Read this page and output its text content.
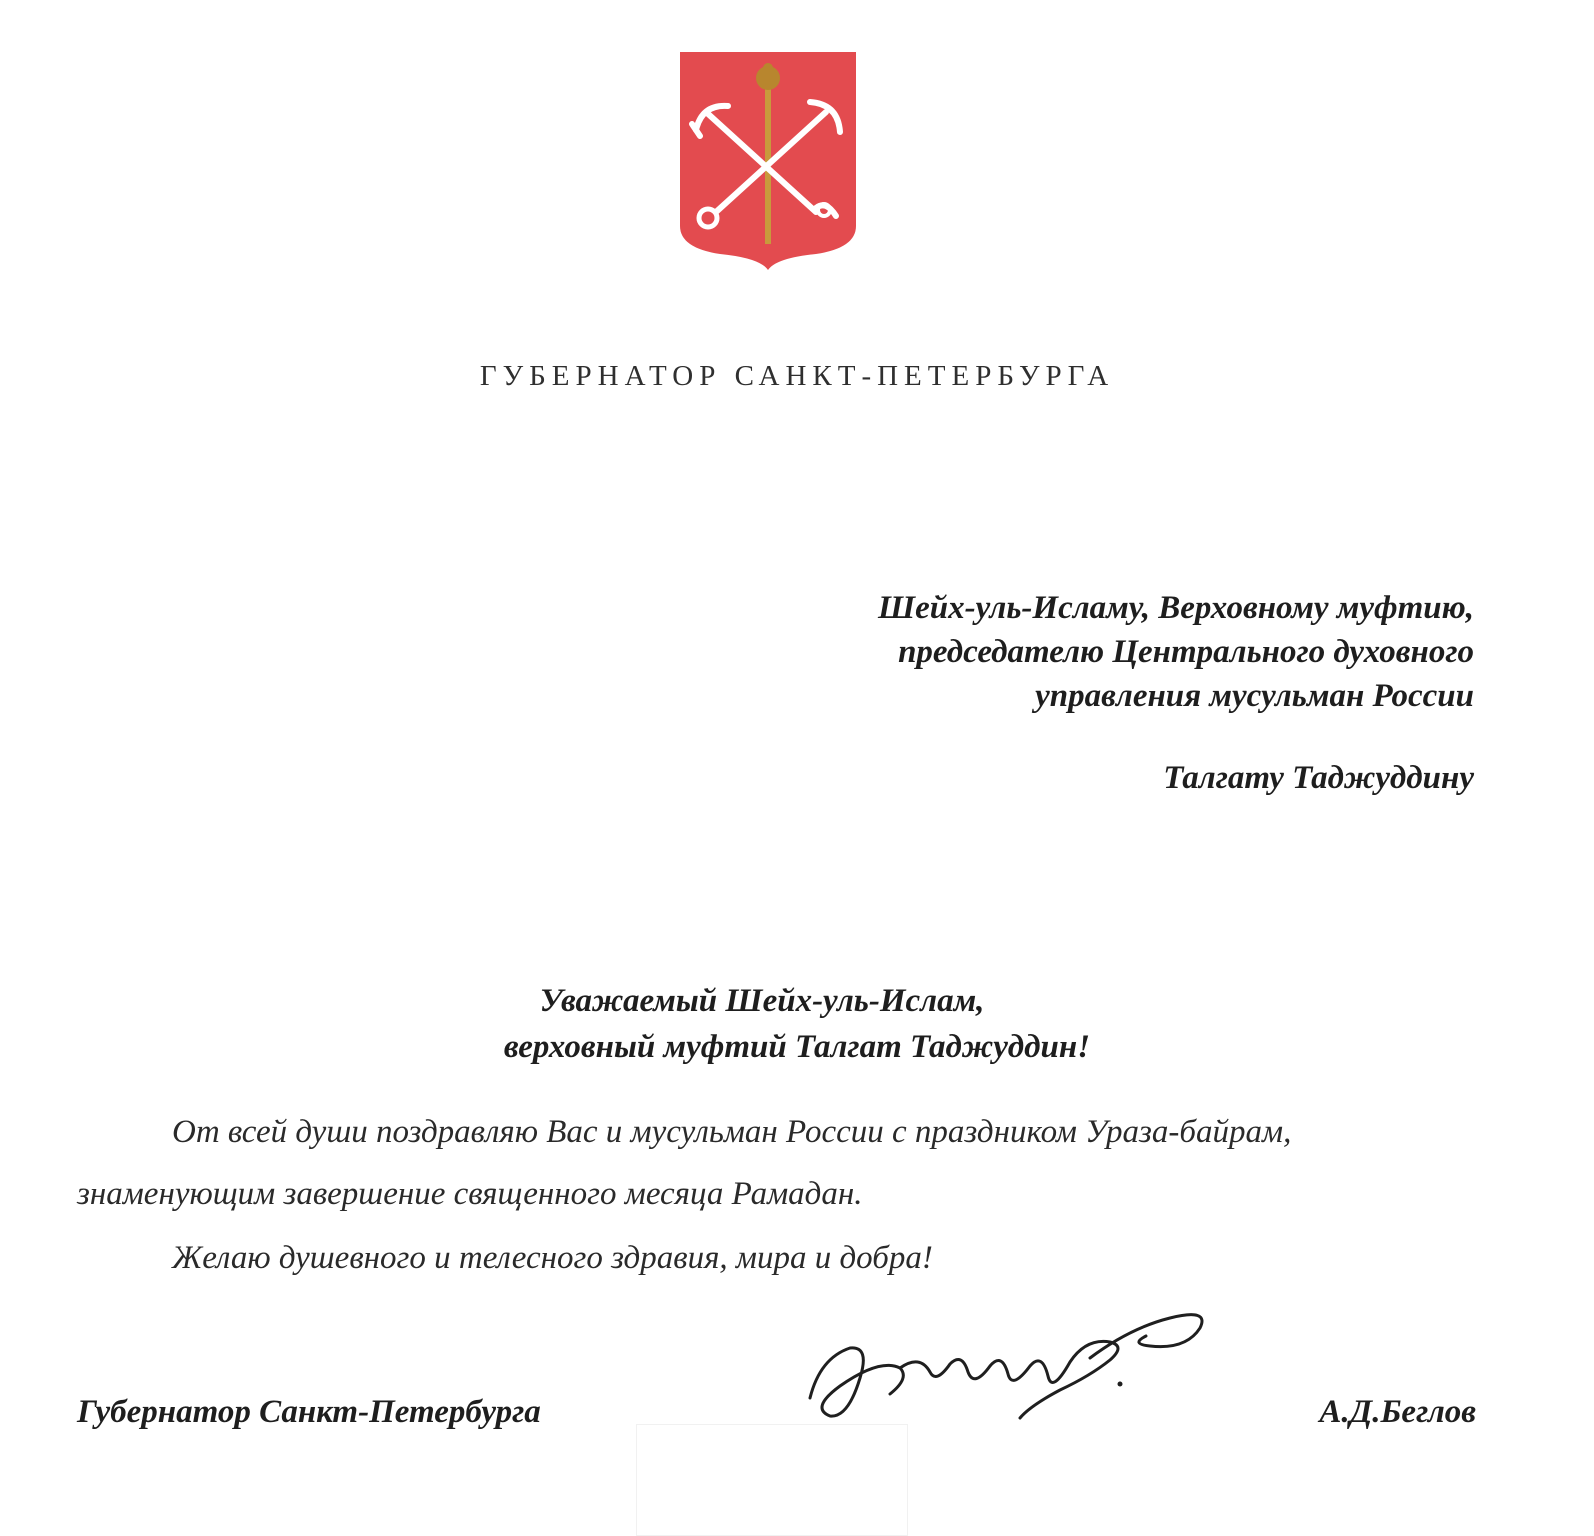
ГУБЕРНАТОР САНКТ-ПЕТЕРБУРГА
Шейх-уль-Исламу, Верховному муфтию,
председателю Центрального духовного
управления мусульман России
Талгату Таджуддину
Уважаемый Шейх-уль-Ислам,
верховный муфтий Талгат Таджуддин!
От всей души поздравляю Вас и мусульман России с праздником Ураза-байрам,
знаменующим завершение священного месяца Рамадан.
Желаю душевного и телесного здравия, мира и добра!
Губернатор Санкт-Петербурга	А.Д.Беглов
